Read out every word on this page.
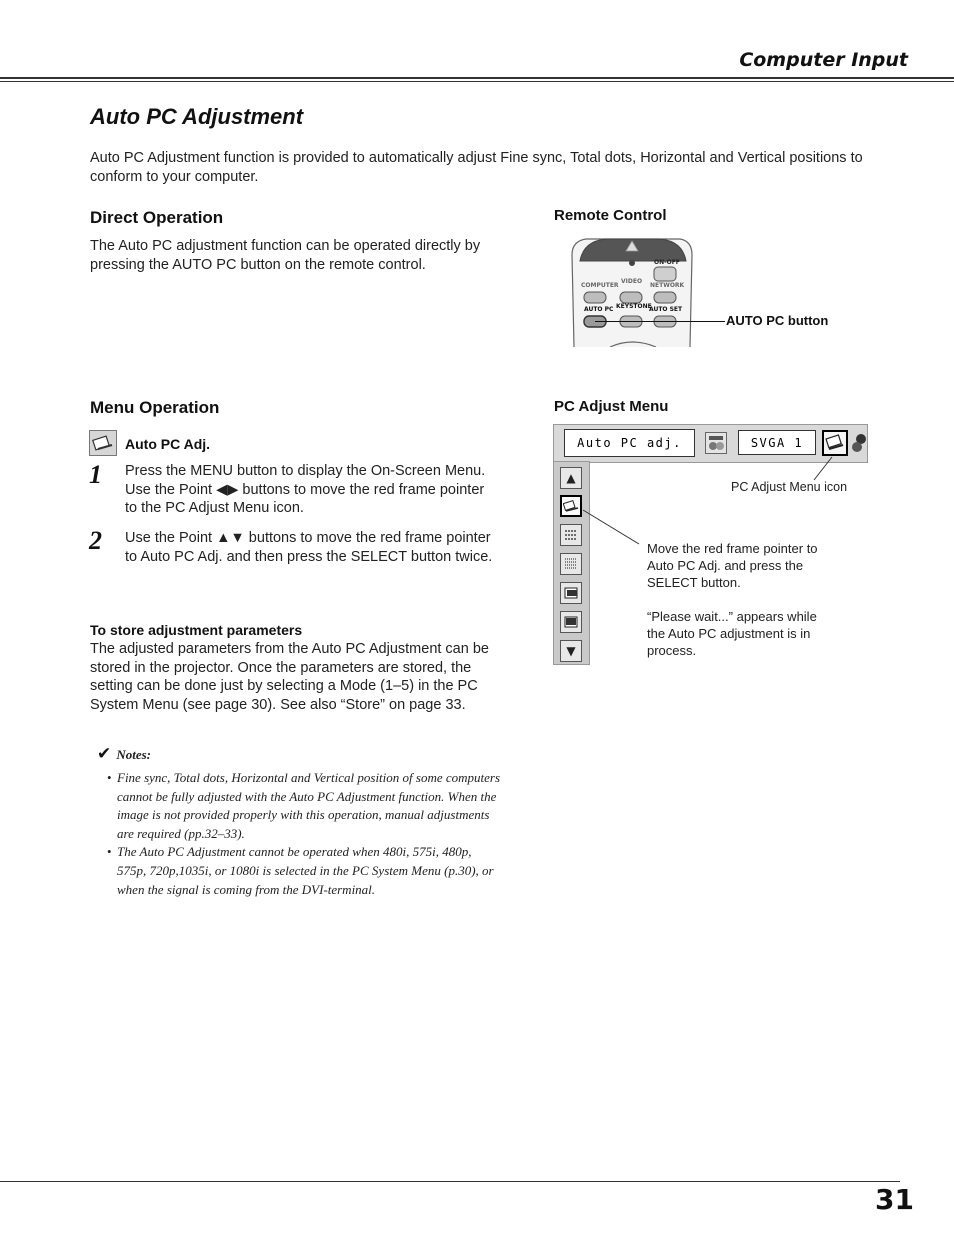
Computer Input
Auto PC Adjustment
Auto PC Adjustment function is provided to automatically adjust Fine sync, Total dots, Horizontal and Vertical positions to conform to your computer.
Direct Operation
The Auto PC adjustment function can be operated directly by pressing the AUTO PC button on the remote control.
Remote Control
ON-OFF
COMPUTER
VIDEO
NETWORK
AUTO PC KEYSTONE
AUTO SET
AUTO PC button
Menu Operation
Auto PC Adj.
1 Press the MENU button to display the On-Screen Menu. Use the Point ◀▶ buttons to move the red frame pointer to the PC Adjust Menu icon.
2 Use the Point ▲▼ buttons to move the red frame pointer to Auto PC Adj. and then press the SELECT button twice.
To store adjustment parameters
The adjusted parameters from the Auto PC Adjustment can be stored in the projector. Once the parameters are stored, the setting can be done just by selecting a Mode (1–5) in the PC System Menu (see page 30). See also “Store” on page 33.
✔ Notes:
• Fine sync, Total dots, Horizontal and Vertical position of some computers cannot be fully adjusted with the Auto PC Adjustment function. When the image is not provided properly with this operation, manual adjustments are required (pp.32–33).
• The Auto PC Adjustment cannot be operated when 480i, 575i, 480p, 575p, 720p,1035i, or 1080i is selected in the PC System Menu (p.30), or when the signal is coming from the DVI-terminal.
PC Adjust Menu
Auto PC adj.	SVGA 1
▲
▼
PC Adjust Menu icon
Move the red frame pointer to Auto PC Adj. and press the SELECT button.
“Please wait...” appears while the Auto PC adjustment is in process.
31
